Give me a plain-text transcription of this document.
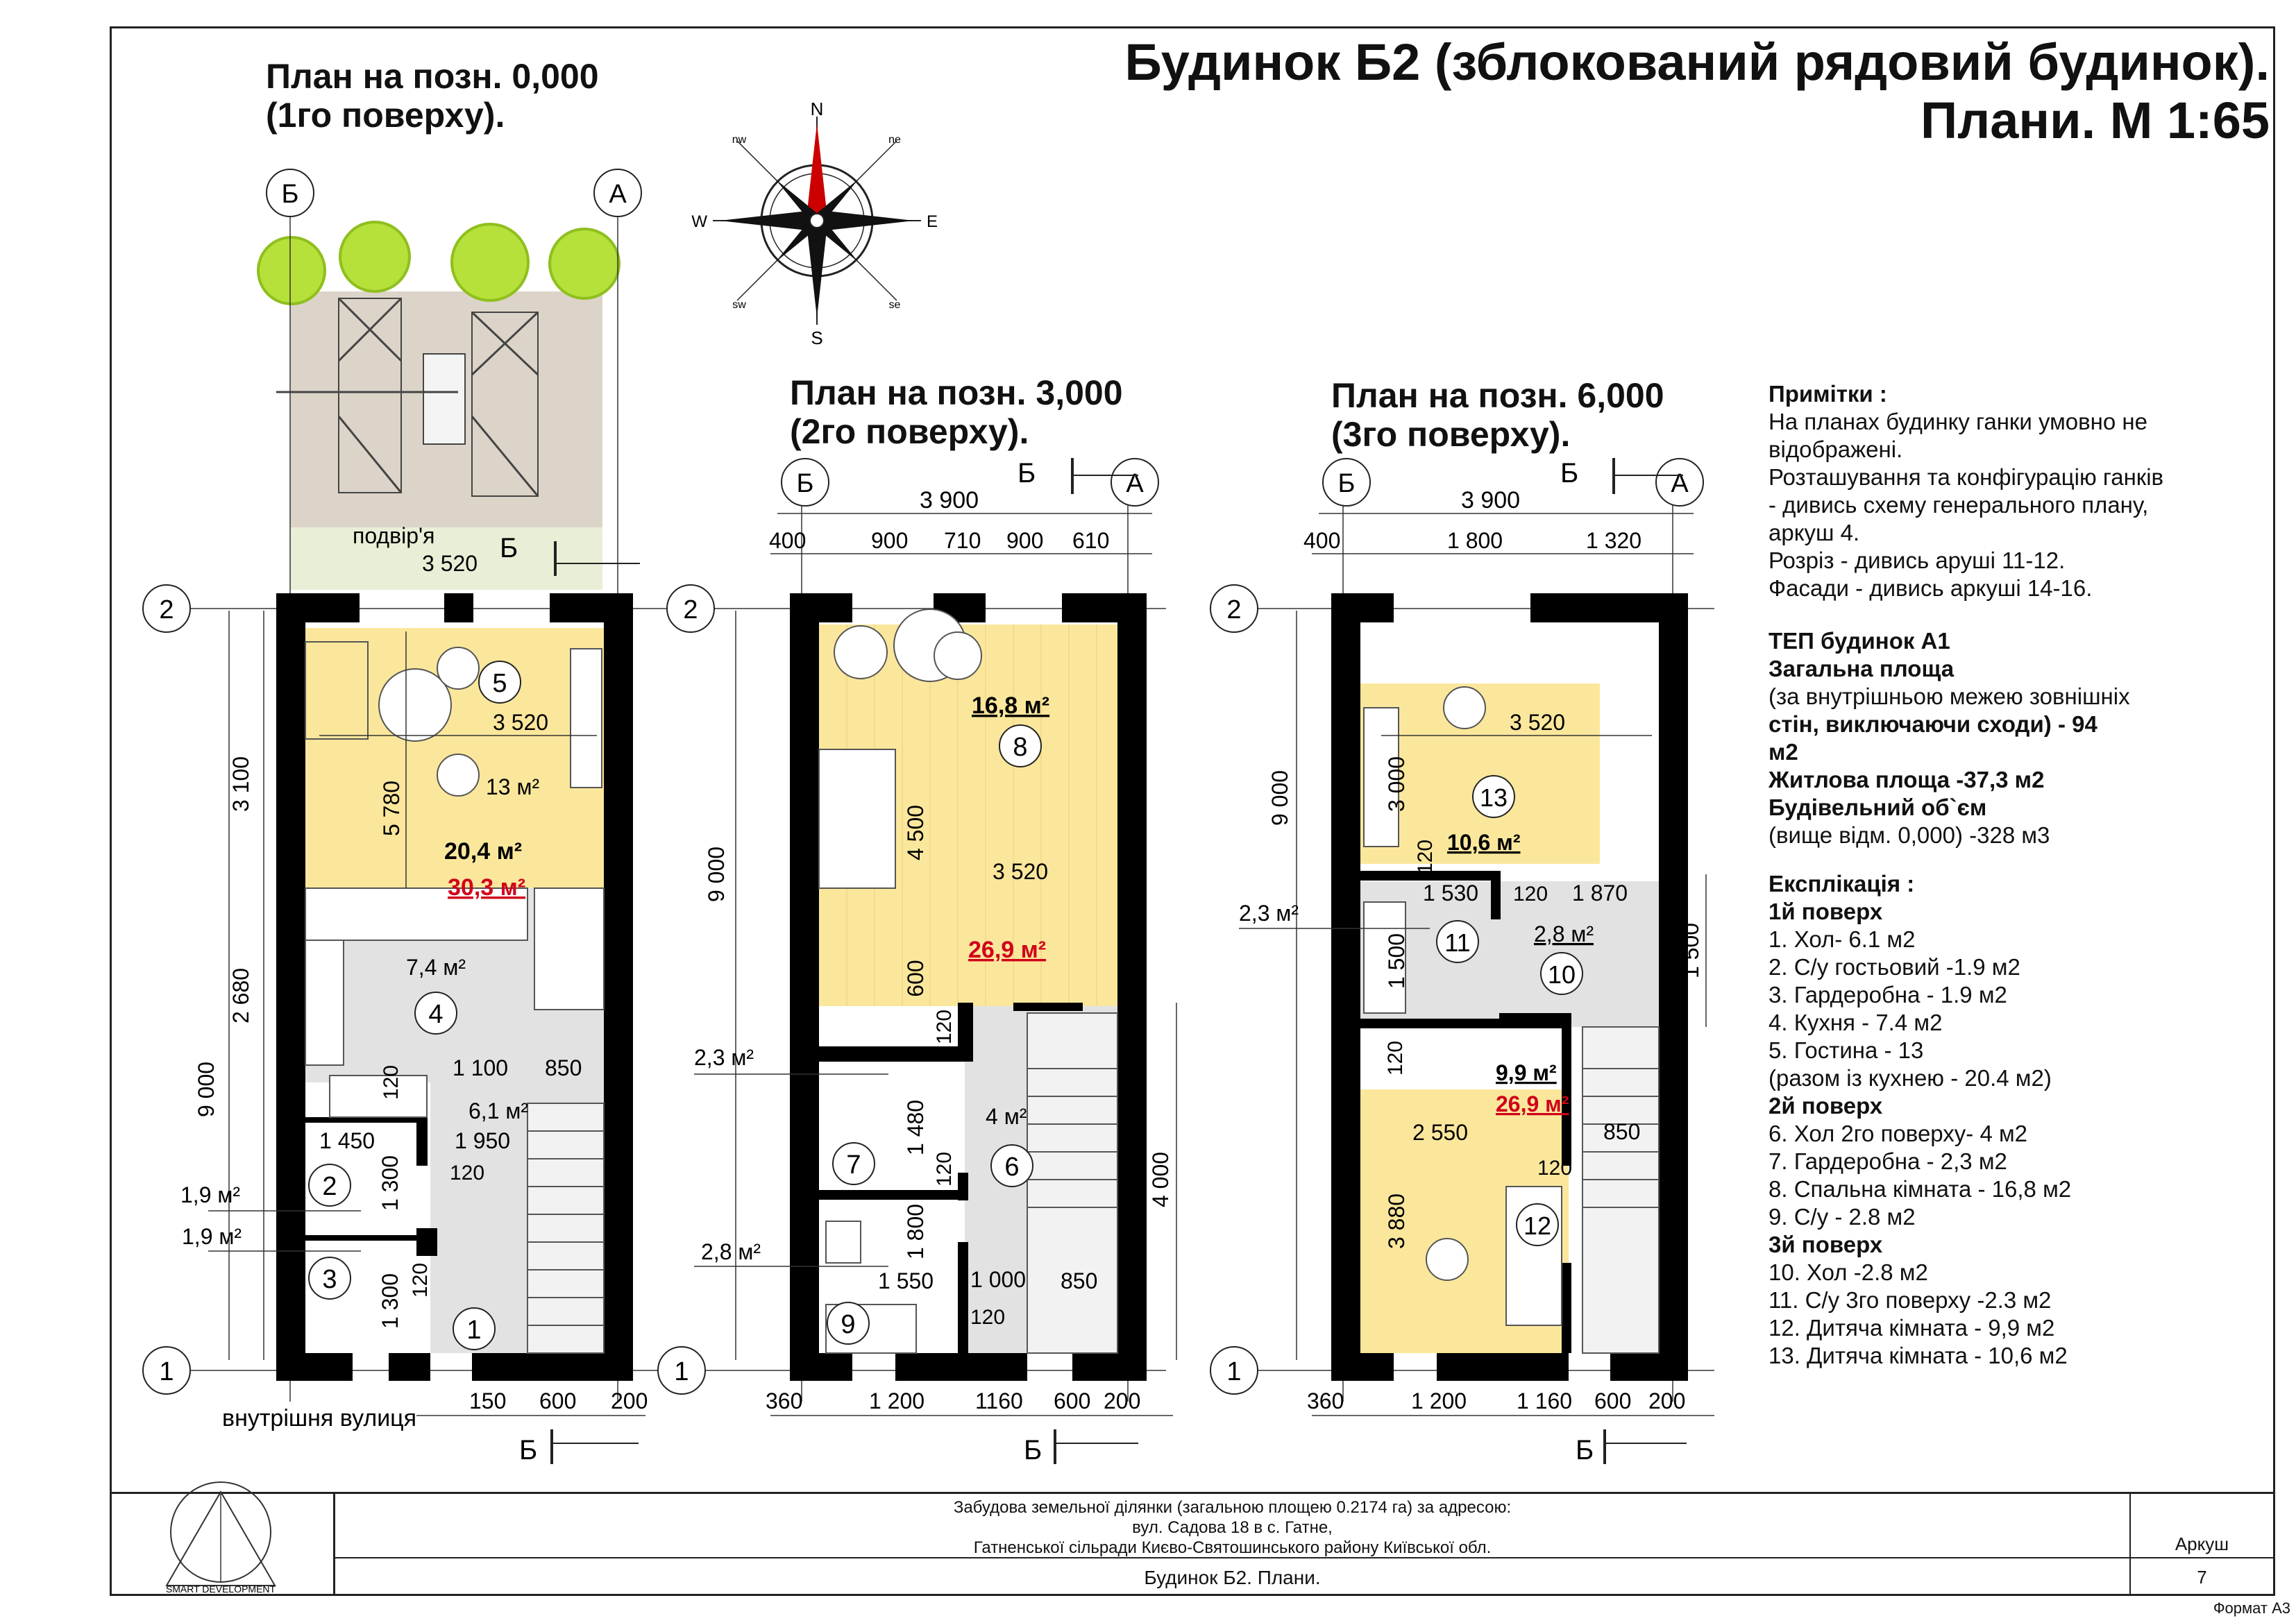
Будинок Б2 (зблокований рядовий будинок).
Плани. М 1:65
План на позн. 0,000
(1го поверху).
План на позн. 3,000
(2го поверху).
План на позн. 6,000
(3го поверху).
N
S
E
W
nw	ne
sw	se
Б	А
2
1
подвір'я
3 520 Б
3 100
2 680
9 000
5 780
3 520
1 100 850
120
1 450	1 950
120
1 300
1 300 120
150 600 200
внутрішня вулиця
Б
5
4
2
3
1
13 м²
20,4 м²
30,3 м²
7,4 м²
6,1 м²
1,9 м²
1,9 м²
Б	А
Б
3 900
400	900 710 900 610
2
1
9 000
4 500
3 520
600
120
1 480
120	4 000
1 800
1 550 1 000 850
120
360	1 200 1160 600 200
Б
8
7	6
9
16,8 м²
26,9 м²
2,3 м²
4 м²
2,8 м²
Б	А
Б
3 900
400	1 800	1 320
2
1
9 000
3 520
3 000
120
1 530 120 1 870
1 500	1 500
120
2 550	850
120
3 880
360	1 200 1 160 600 200
Б
13
11
10
12
10,6 м²
2,3 м²
2,8 м²
9,9 м²
26,9 м²
SMART DEVELOPMENT
Примітки :
На планах будинку ганки умовно не
відображені.
Розташування та конфігурацію ганків
- дивись схему генерального плану,
аркуш 4.
Розріз - дивись аруші 11-12.
Фасади - дивись аркуші 14-16.
ТЕП будинок А1
Загальна площа
(за внутрішньою межею зовнішніх
стін, виключаючи сходи) - 94
м2
Житлова площа -37,3 м2
Будівельний об`єм
(вище відм. 0,000) -328 м3
Експлікація :
1й поверх
1. Хол- 6.1 м2
2. С/у гостьовий -1.9 м2
3. Гардеробна - 1.9 м2
4. Кухня - 7.4 м2
5. Гостина - 13
(разом із кухнею - 20.4 м2)
2й поверх
6. Хол 2го поверху- 4 м2
7. Гардеробна - 2,3 м2
8. Спальна кімната - 16,8 м2
9. С/у - 2.8 м2
3й поверх
10. Хол -2.8 м2
11. С/у 3го поверху -2.3 м2
12. Дитяча кімната - 9,9 м2
13. Дитяча кімната - 10,6 м2
Забудова земельної ділянки (загальною площею 0.2174 га) за адресою:
вул. Садова 18 в с. Гатне,
Гатненської сільради Києво-Святошинського району Київської обл.
Будинок Б2. Плани.
Аркуш
7
Формат А3
